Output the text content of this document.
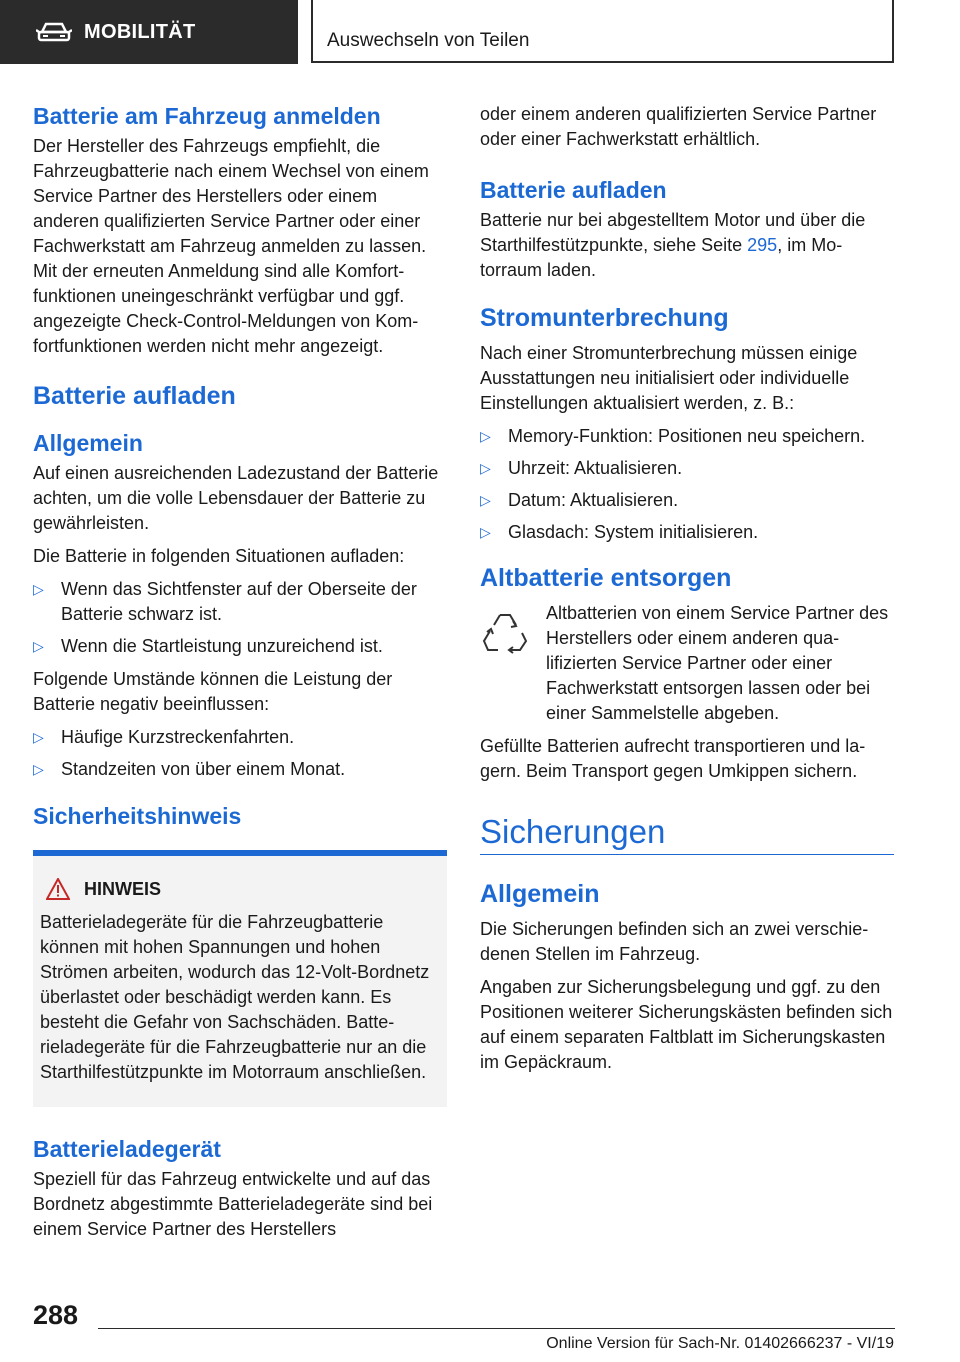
MOBILITÄT	Auswechseln von Teilen
Batterie am Fahrzeug anmelden

Der Hersteller des Fahrzeugs empfiehlt, die Fahrzeugbatterie nach einem Wechsel von einem Service Partner des Herstellers oder einem anderen qualifizierten Service Partner oder einer Fachwerkstatt am Fahrzeug anmelden zu lassen. Mit der erneuten Anmeldung sind alle Komfortfunktionen uneingeschränkt verfügbar und ggf. angezeigte Check-Control-Meldungen von Komfortfunktionen werden nicht mehr angezeigt.

Batterie aufladen
Allgemein

Auf einen ausreichenden Ladezustand der Batterie achten, um die volle Lebensdauer der Batterie zu gewährleisten.

Die Batterie in folgenden Situationen aufladen:

▷ Wenn das Sichtfenster auf der Oberseite der Batterie schwarz ist.
▷ Wenn die Startleistung unzureichend ist.

Folgende Umstände können die Leistung der Batterie negativ beeinflussen:

▷ Häufige Kurzstreckenfahrten.
▷ Standzeiten von über einem Monat.
Sicherheitshinweis
HINWEIS

Batterieladegeräte für die Fahrzeugbatterie können mit hohen Spannungen und hohen Strömen arbeiten, wodurch das 12-Volt-Bordnetz überlastet oder beschädigt werden kann. Es besteht die Gefahr von Sachschäden. Batterieladegeräte für die Fahrzeugbatterie nur an die Starthilfestützpunkte im Motorraum anschließen.

Batterieladegerät

Speziell für das Fahrzeug entwickelte und auf das Bordnetz abgestimmte Batterieladegeräte sind bei einem Service Partner des Herstellers

oder einem anderen qualifizierten Service Partner oder einer Fachwerkstatt erhältlich.

Batterie aufladen

Batterie nur bei abgestelltem Motor und über die Starthilfestützpunkte, siehe Seite 295, im Motorraum laden.

Stromunterbrechung

Nach einer Stromunterbrechung müssen einige Ausstattungen neu initialisiert oder individuelle Einstellungen aktualisiert werden, z. B.:

▷ Memory-Funktion: Positionen neu speichern.
▷ Uhrzeit: Aktualisieren.
▷ Datum: Aktualisieren.
▷ Glasdach: System initialisieren.
Altbatterie entsorgen

Altbatterien von einem Service Partner des Herstellers oder einem anderen qualifizierten Service Partner oder einer Fachwerkstatt entsorgen lassen oder bei einer Sammelstelle abgeben.

Gefüllte Batterien aufrecht transportieren und lagern. Beim Transport gegen Umkippen sichern.

Sicherungen
Allgemein

Die Sicherungen befinden sich an zwei verschiedenen Stellen im Fahrzeug.

Angaben zur Sicherungsbelegung und ggf. zu den Positionen weiterer Sicherungskästen befinden sich auf einem separaten Faltblatt im Sicherungskasten im Gepäckraum.

288
Online Version für Sach-Nr. 01402666237 - VI/19
